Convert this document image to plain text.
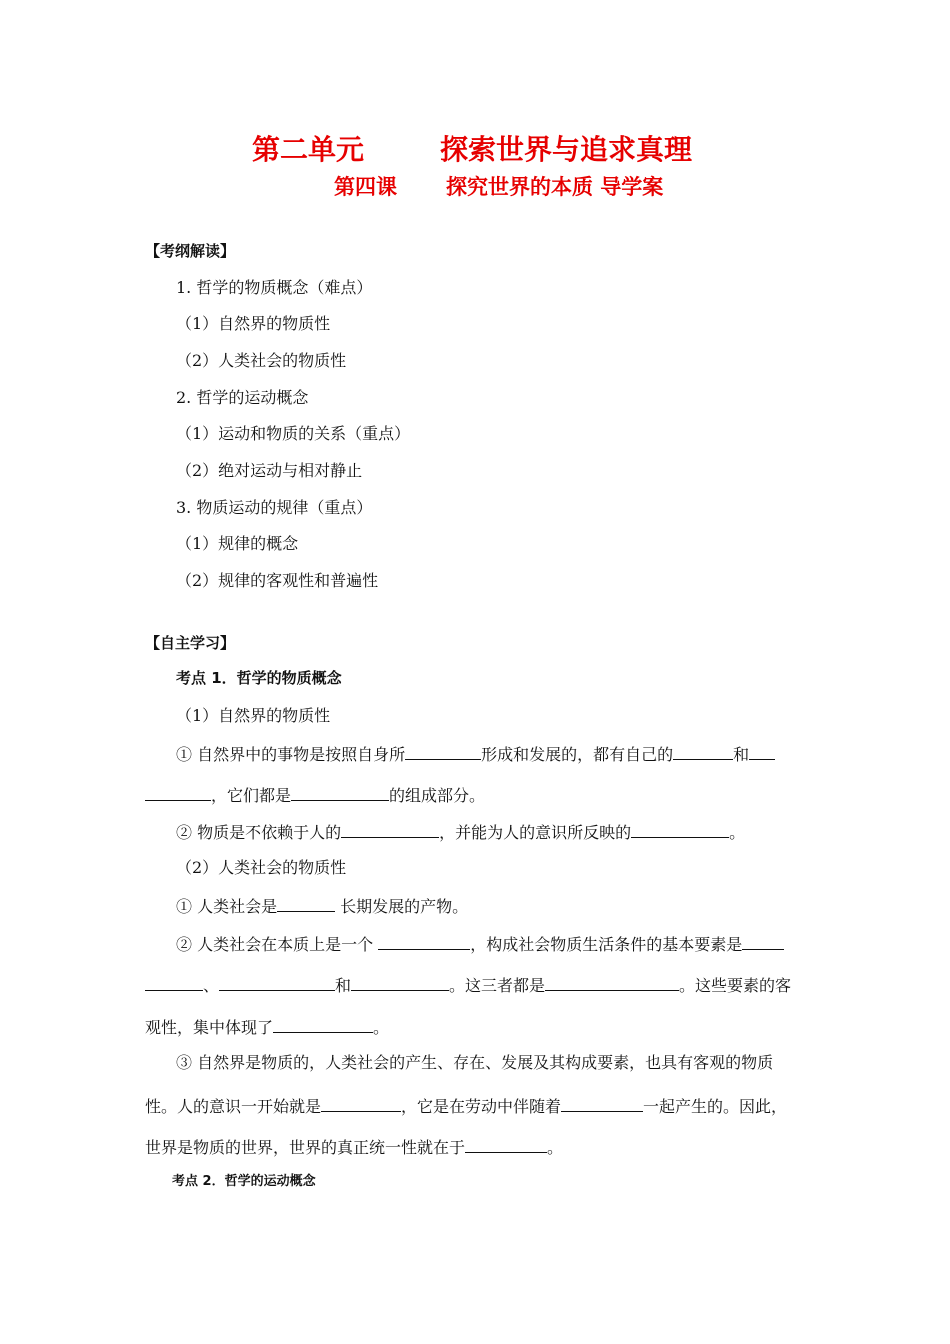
第二单元	探索世界与追求真理
第四课 探究世界的本质 导学案
【考纲解读】
1. 哲学的物质概念（难点）
（1）自然界的物质性
（2）人类社会的物质性
2. 哲学的运动概念
（1）运动和物质的关系（重点）
（2）绝对运动与相对静止
3. 物质运动的规律（重点）
（1）规律的概念
（2）规律的客观性和普遍性
【自主学习】
考点 1．哲学的物质概念
（1）自然界的物质性
① 自然界中的事物是按照自身所	形成和发展的，都有自己的	和
，它们都是	的组成部分。
② 物质是不依赖于人的	，并能为人的意识所反映的	。
（2）人类社会的物质性
① 人类社会是	长期发展的产物。
② 人类社会在本质上是一个	，构成社会物质生活条件的基本要素是
、	和	。这三者都是	。这些要素的客
观性，集中体现了	。
③ 自然界是物质的，人类社会的产生、存在、发展及其构成要素，也具有客观的物质
性。人的意识一开始就是	，它是在劳动中伴随着	一起产生的。因此，
世界是物质的世界，世界的真正统一性就在于	。
考点 2．哲学的运动概念
